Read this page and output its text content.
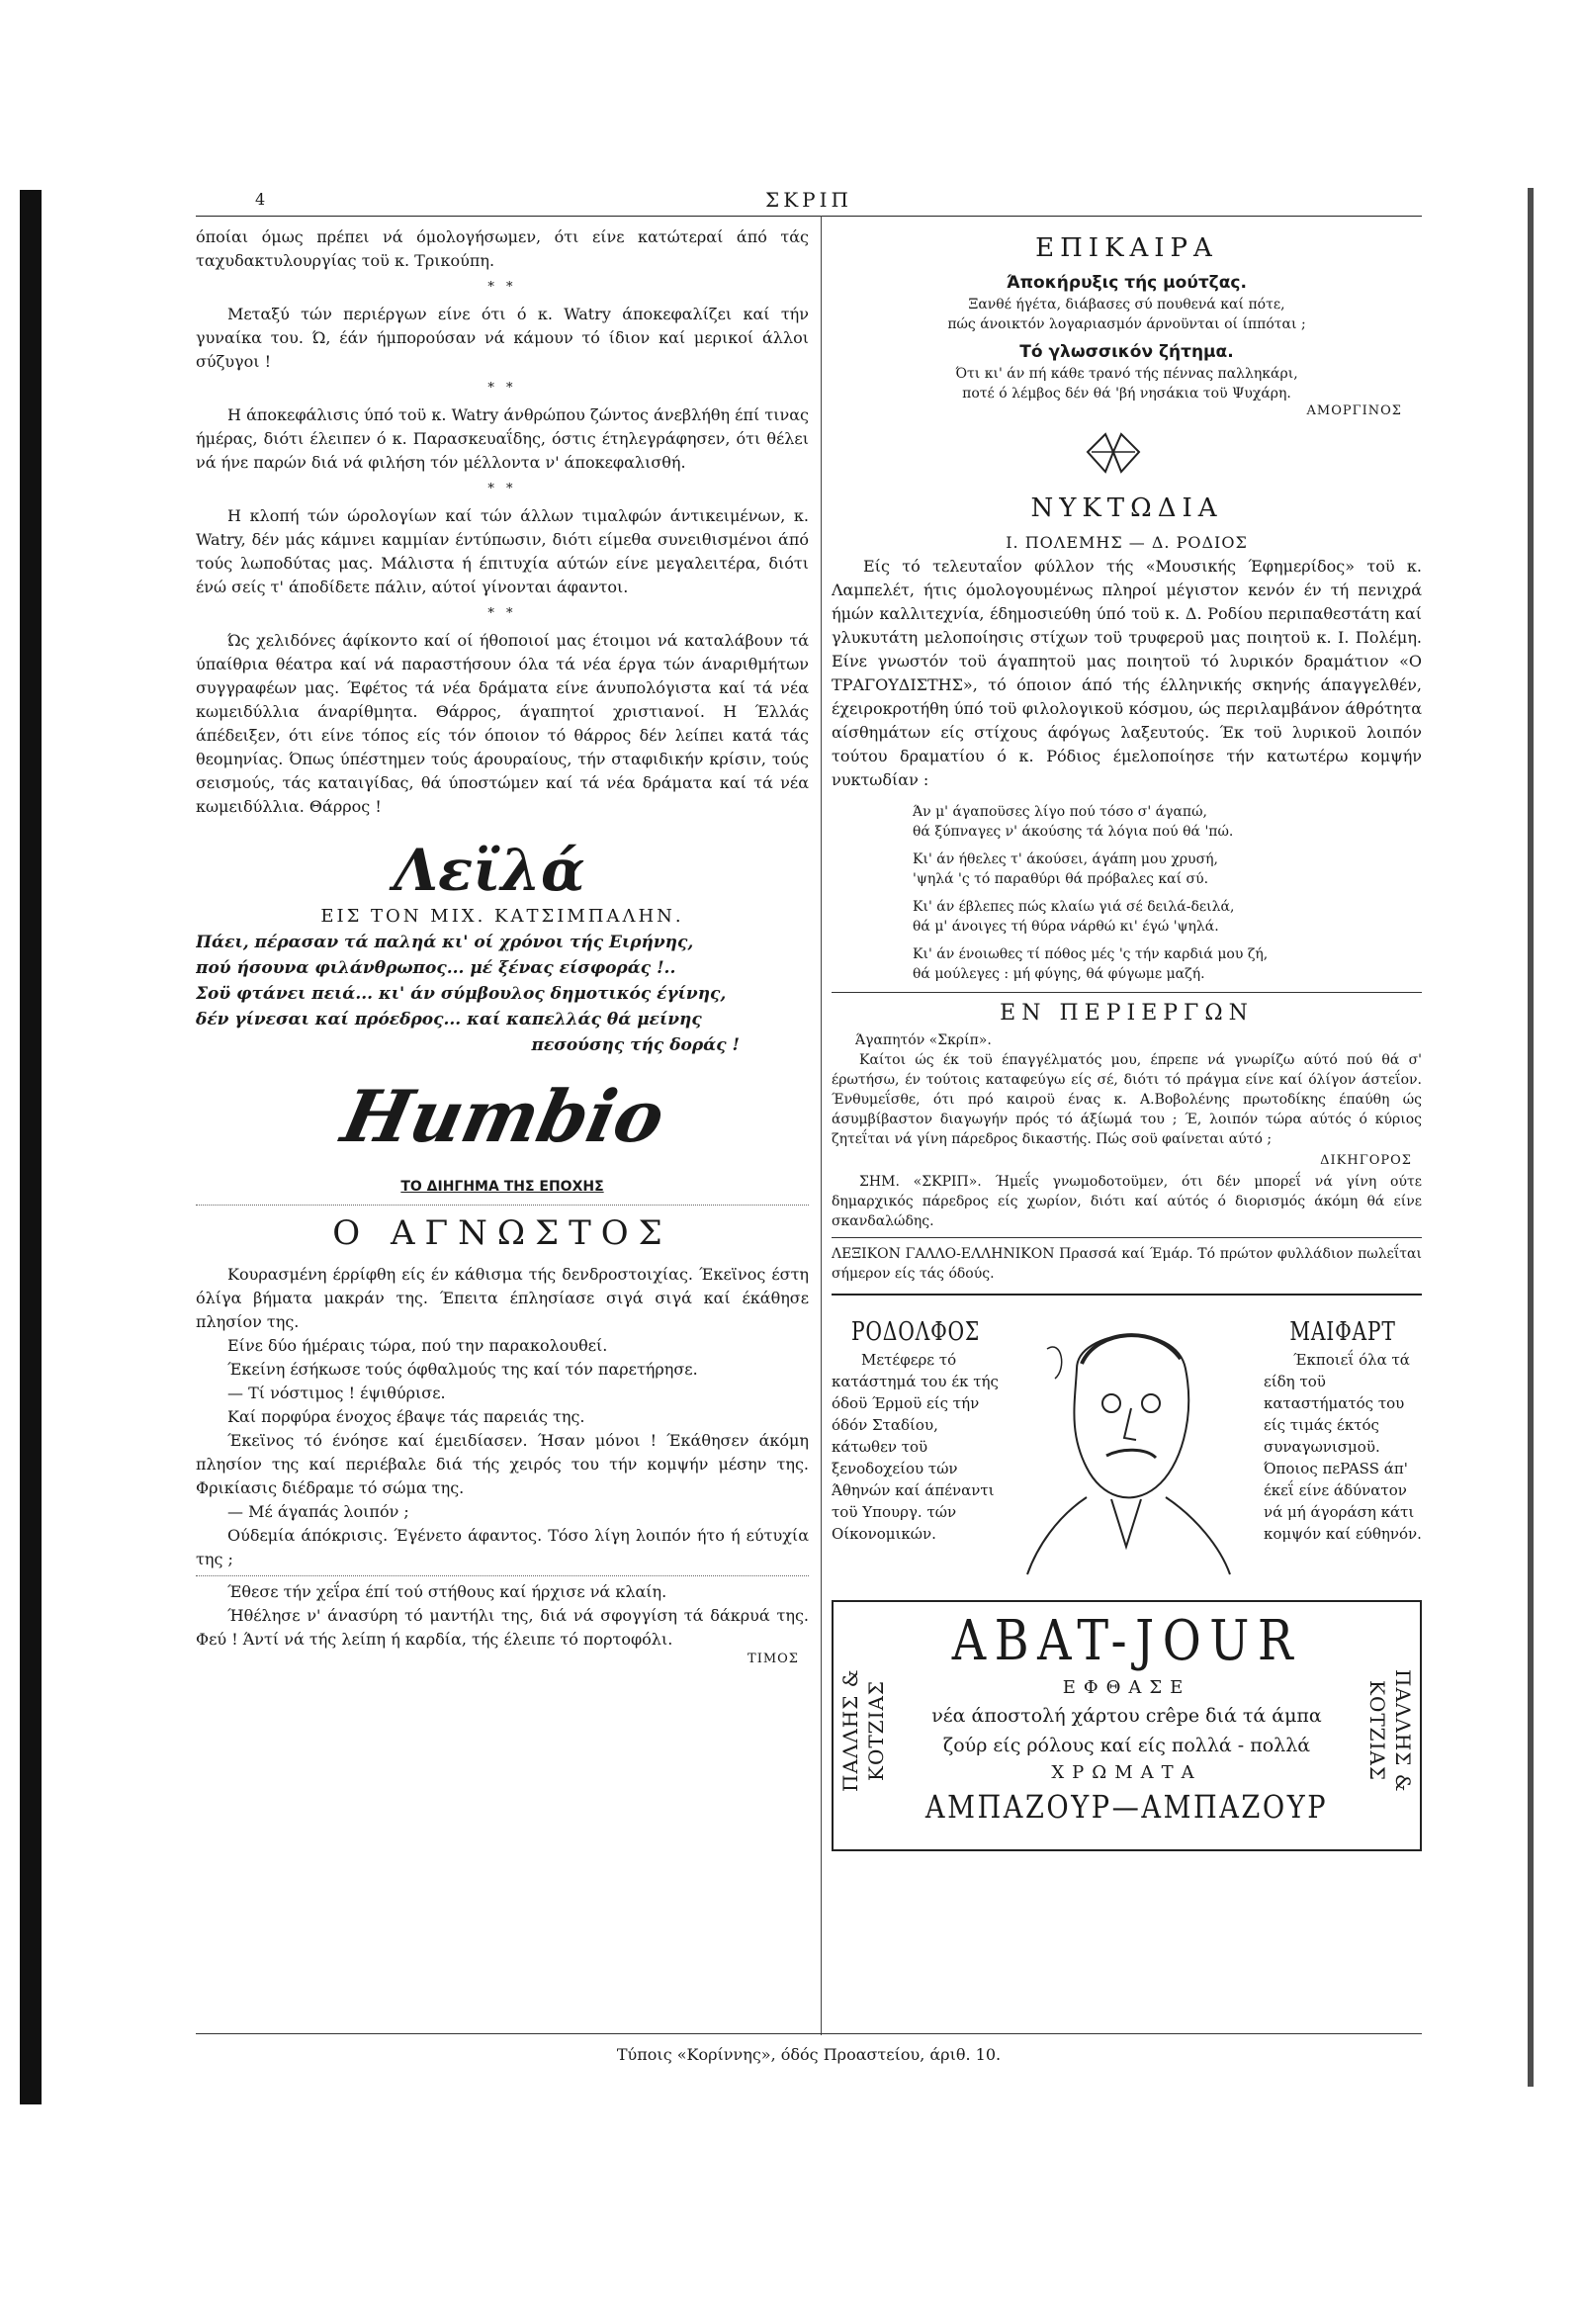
4	ΣΚΡΙΠ

όποίαι όμως πρέπει νά όμολογήσωμεν, ότι είνε κατώτεραί άπό τάς ταχυδακτυλουργίας τοϋ κ. Τρικούπη.

* *

Μεταξύ τών περιέργων είνε ότι ό κ. Watry άποκεφαλίζει καί τήν γυναίκα του. Ώ, έάν ήμπορούσαν νά κάμουν τό ίδιον καί μερικοί άλλοι σύζυγοι !

* *

Η άποκεφάλισις ύπό τοϋ κ. Watry άνθρώπου ζώντος άνεβλήθη έπί τινας ήμέρας, διότι έλειπεν ό κ. Παρασκευαΐδης, όστις έτηλεγράφησεν, ότι θέλει νά ήνε παρών διά νά φιλήση τόν μέλλοντα ν' άποκεφαλισθή.

* *

Η κλοπή τών ώρολογίων καί τών άλλων τιμαλφών άντικειμένων, κ. Watry, δέν μάς κάμνει καμμίαν έντύπωσιν, διότι είμεθα συνειθισμένοι άπό τούς λωποδύτας μας. Μάλιστα ή έπιτυχία αύτών είνε μεγαλειτέρα, διότι ένώ σείς τ' άποδίδετε πάλιν, αύτοί γίνονται άφαντοι.

* *

Ώς χελιδόνες άφίκοντο καί οί ήθοποιοί μας έτοιμοι νά καταλάβουν τά ύπαίθρια θέατρα καί νά παραστήσουν όλα τά νέα έργα τών άναριθμήτων συγγραφέων μας. Έφέτος τά νέα δράματα είνε άνυπολόγιστα καί τά νέα κωμειδύλλια άναρίθμητα. Θάρρος, άγαπητοί χριστιανοί. Η Έλλάς άπέδειξεν, ότι είνε τόπος είς τόν όποιον τό θάρρος δέν λείπει κατά τάς θεομηνίας. Όπως ύπέστημεν τούς άρουραίους, τήν σταφιδικήν κρίσιν, τούς σεισμούς, τάς καταιγίδας, θά ύποστώμεν καί τά νέα δράματα καί τά νέα κωμειδύλλια. Θάρρος !

Λεϊλά
ΕΙΣ ΤΟΝ ΜΙΧ. ΚΑΤΣΙΜΠΑΛΗΝ.
Πάει, πέρασαν τά παληά κι' οί χρόνοι τής Ειρήνης,
πού ήσουνα φιλάνθρωπος... μέ ξένας είσφοράς !..
Σοϋ φτάνει πειά... κι' άν σύμβουλος δημοτικός έγίνης,
δέν γίνεσαι καί πρόεδρος... καί καπελλάς θά μείνης
πεσούσης τής δοράς !
Humbio
ΤΟ ΔΙΗΓΗΜΑ ΤΗΣ ΕΠΟΧΗΣ
Ο ΑΓΝΩΣΤΟΣ

Κουρασμένη έρρίφθη είς έν κάθισμα τής δενδροστοιχίας. Έκεϊνος έστη όλίγα βήματα μακράν της. Έπειτα έπλησίασε σιγά σιγά καί έκάθησε πλησίον της.

Είνε δύο ήμέραις τώρα, πού την παρακολουθεί.

Έκείνη έσήκωσε τούς όφθαλμούς της καί τόν παρετήρησε.

— Τί νόστιμος ! έψιθύρισε.

Καί πορφύρα ένοχος έβαψε τάς παρειάς της.

Έκεϊνος τό ένόησε καί έμειδίασεν. Ήσαν μόνοι ! Έκάθησεν άκόμη πλησίον της καί περιέβαλε διά τής χειρός του τήν κομψήν μέσην της. Φρικίασις διέδραμε τό σώμα της.

— Μέ άγαπάς λοιπόν ;

Ούδεμία άπόκρισις. Έγένετο άφαντος. Τόσο λίγη λοιπόν ήτο ή εύτυχία της ;

Έθεσε τήν χεΐρα έπί τού στήθους καί ήρχισε νά κλαίη.

Ήθέλησε ν' άνασύρη τό μαντήλι της, διά νά σφογγίση τά δάκρυά της. Φεύ ! Άντί νά τής λείπη ή καρδία, τής έλειπε τό πορτοφόλι.

ΤΙΜΟΣ
ΕΠΙΚΑΙΡΑ
Άποκήρυξις τής μούτζας.
Ξανθέ ήγέτα, διάβασες σύ πουθενά καί πότε,
πώς άνοικτόν λογαριασμόν άρνοϋνται οί ίππόται ;
Τό γλωσσικόν ζήτημα.
Ότι κι' άν πή κάθε τρανό τής πέννας παλληκάρι,
ποτέ ό λέμβος δέν θά 'βή νησάκια τοϋ Ψυχάρη.
ΑΜΟΡΓΙΝΟΣ
ΝΥΚΤΩΔΙΑ
Ι. ΠΟΛΕΜΗΣ — Δ. ΡΟΔΙΟΣ

Είς τό τελευταΐον φύλλον τής «Μουσικής Έφημερίδος» τοϋ κ. Λαμπελέτ, ήτις όμολογουμένως πληροί μέγιστον κενόν έν τή πενιχρά ήμών καλλιτεχνία, έδημοσιεύθη ύπό τοϋ κ. Δ. Ροδίου περιπαθεστάτη καί γλυκυτάτη μελοποίησις στίχων τοϋ τρυφεροϋ μας ποιητοϋ κ. Ι. Πολέμη. Είνε γνωστόν τοϋ άγαπητοϋ μας ποιητοϋ τό λυρικόν δραμάτιον «Ο ΤΡΑΓΟΥΔΙΣΤΗΣ», τό όποιον άπό τής έλληνικής σκηνής άπαγγελθέν, έχειροκροτήθη ύπό τοϋ φιλολογικοϋ κόσμου, ώς περιλαμβάνον άθρότητα αίσθημάτων είς στίχους άφόγως λαξευτούς. Έκ τοϋ λυρικοϋ λοιπόν τούτου δραματίου ό κ. Ρόδιος έμελοποίησε τήν κατωτέρω κομψήν νυκτωδίαν :

Άν μ' άγαποϋσες λίγο πού τόσο σ' άγαπώ,
θά ξύπναγες ν' άκούσης τά λόγια πού θά 'πώ.
Κι' άν ήθελες τ' άκούσει, άγάπη μου χρυσή,
'ψηλά 'ς τό παραθύρι θά πρόβαλες καί σύ.
Κι' άν έβλεπες πώς κλαίω γιά σέ δειλά-δειλά,
θά μ' άνοιγες τή θύρα νάρθώ κι' έγώ 'ψηλά.
Κι' άν ένοιωθες τί πόθος μές 'ς τήν καρδιά μου ζή,
θά μούλεγες : μή φύγης, θά φύγωμε μαζή.
ΕΝ ΠΕΡΙΕΡΓΩΝ
Άγαπητόν «Σκρίπ».

Καίτοι ώς έκ τοϋ έπαγγέλματός μου, έπρεπε νά γνωρίζω αύτό πού θά σ' έρωτήσω, έν τούτοις καταφεύγω είς σέ, διότι τό πράγμα είνε καί όλίγον άστεΐον. Ένθυμεΐσθε, ότι πρό καιροϋ ένας κ. Α.Βοβολένης πρωτοδίκης έπαύθη ώς άσυμβίβαστον διαγωγήν πρός τό άξίωμά του ; Έ, λοιπόν τώρα αύτός ό κύριος ζητεΐται νά γίνη πάρεδρος δικαστής. Πώς σοϋ φαίνεται αύτό ;

ΔΙΚΗΓΟΡΟΣ

ΣΗΜ. «ΣΚΡΙΠ». Ήμεΐς γνωμοδοτοϋμεν, ότι δέν μπορεΐ νά γίνη ούτε δημαρχικός πάρεδρος είς χωρίον, διότι καί αύτός ό διορισμός άκόμη θά είνε σκανδαλώδης.

ΛΕΞΙΚΟΝ ΓΑΛΛΟ-ΕΛΛΗΝΙΚΟΝ Πρασσά καί Έμάρ. Τό πρώτον φυλλάδιον πωλεΐται σήμερον είς τάς όδούς.

ΡΟΔΟΛΦΟΣ

Μετέφερε τό κατάστημά του έκ τής όδοϋ Έρμοϋ είς τήν όδόν Σταδίου, κάτωθεν τοϋ ξενοδοχείου τών Άθηνών καί άπέναντι τοϋ Υπουργ. τών Οίκονομικών.

ΜΑΙΦΑΡΤ

Έκποιεΐ όλα τά είδη τοϋ καταστήματός του είς τιμάς έκτός συναγωνισμοϋ. Όποιος πεPASS άπ' έκεΐ είνε άδύνατον νά μή άγοράση κάτι κομψόν καί εύθηνόν.

ΠΑΛΛΗΣ & ΚΟΤΖΙΑΣ
ABAT-JOUR
ΕΦΘΑΣΕ
νέα άποστολή χάρτου crêpe διά τά άμπα
ζούρ είς ρόλους καί είς πολλά - πολλά
ΧΡΩΜΑΤΑ
ΑΜΠΑΖΟΥΡ—ΑΜΠΑΖΟΥΡ
ΠΑΛΛΗΣ & ΚΟΤΖΙΑΣ
Τύποις «Κορίννης», όδός Προαστείου, άριθ. 10.
